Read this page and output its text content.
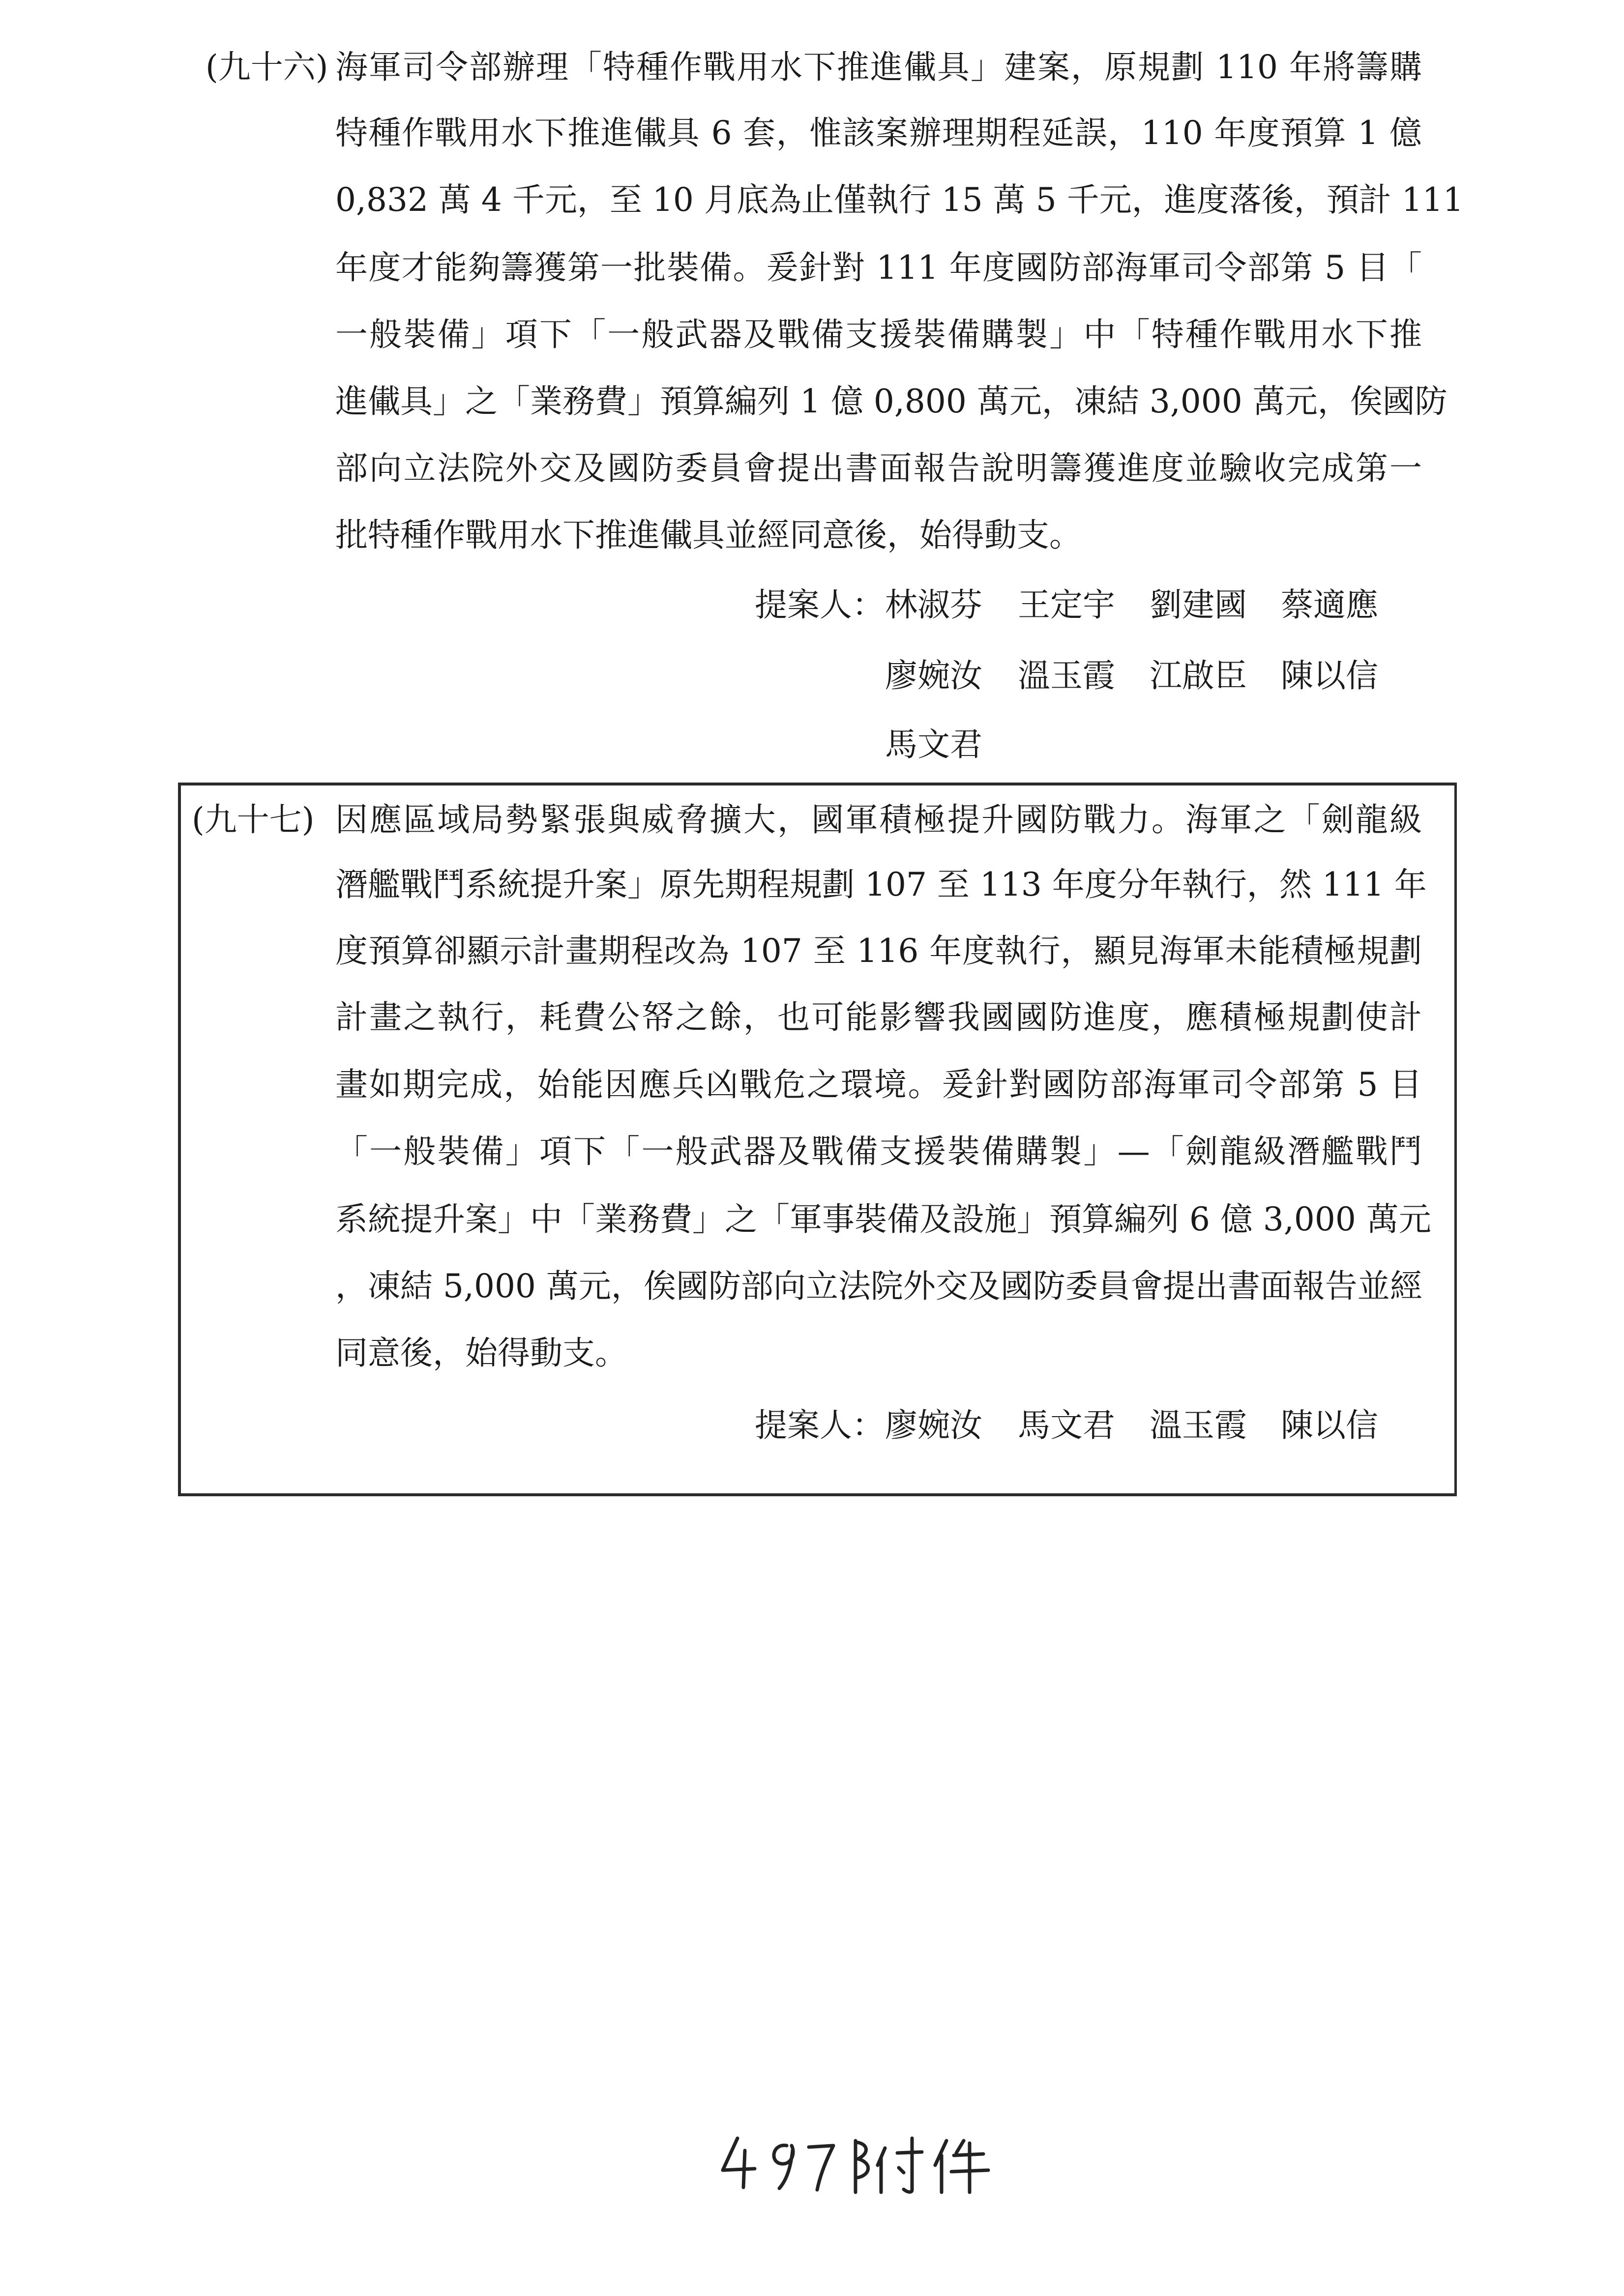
(九十六) 海軍司令部辦理「特種作戰用水下推進儎具」建案，原規劃 110 年將籌購
特種作戰用水下推進儎具 6 套，惟該案辦理期程延誤，110 年度預算 1 億
0,832 萬 4 千元，至 10 月底為止僅執行 15 萬 5 千元，進度落後，預計 111
年度才能夠籌獲第一批裝備。爰針對 111 年度國防部海軍司令部第 5 目「
一般裝備」項下「一般武器及戰備支援裝備購製」中「特種作戰用水下推
進儎具」之「業務費」預算編列 1 億 0,800 萬元，凍結 3,000 萬元，俟國防
部向立法院外交及國防委員會提出書面報告說明籌獲進度並驗收完成第一
批特種作戰用水下推進儎具並經同意後，始得動支。
提案人： 林淑芬 王定宇 劉建國 蔡適應
廖婉汝 溫玉霞 江啟臣 陳以信
馬文君
(九十七) 因應區域局勢緊張與威脅擴大，國軍積極提升國防戰力。海軍之「劍龍級
潛艦戰鬥系統提升案」原先期程規劃 107 至 113 年度分年執行，然 111 年
度預算卻顯示計畫期程改為 107 至 116 年度執行，顯見海軍未能積極規劃
計畫之執行，耗費公帑之餘，也可能影響我國國防進度，應積極規劃使計
畫如期完成，始能因應兵凶戰危之環境。爰針對國防部海軍司令部第 5 目
「一般裝備」項下「一般武器及戰備支援裝備購製」—「劍龍級潛艦戰鬥
系統提升案」中「業務費」之「軍事裝備及設施」預算編列 6 億 3,000 萬元
，凍結 5,000 萬元，俟國防部向立法院外交及國防委員會提出書面報告並經
同意後，始得動支。
提案人： 廖婉汝 馬文君 溫玉霞 陳以信
